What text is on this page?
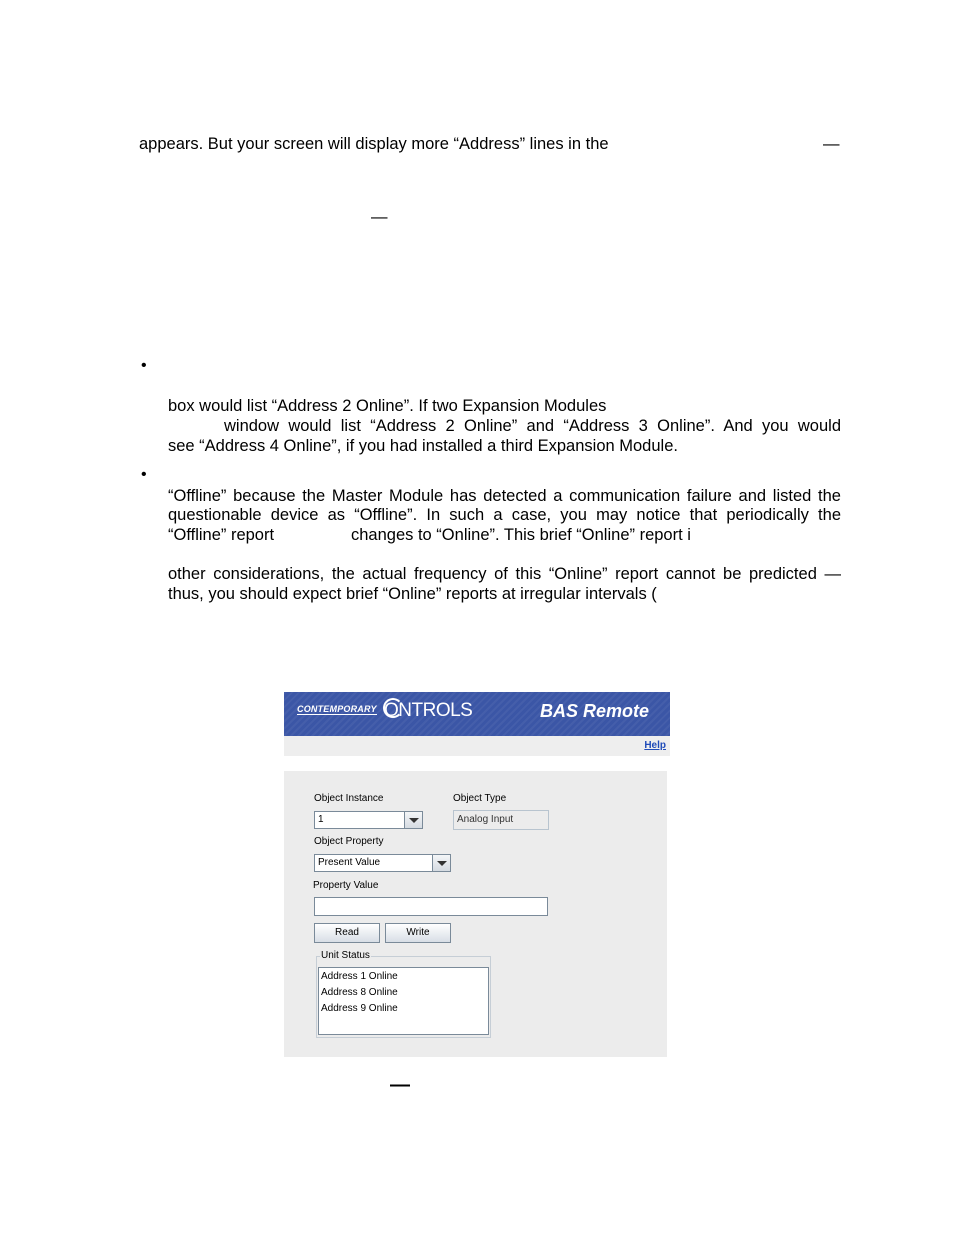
appears. But your screen will display more “Address” lines in the	—
—
•
box would list “Address 2 Online”. If two Expansion Modules
window would list “Address 2 Online” and “Address 3 Online”. And you would
see “Address 4 Online”, if you had installed a third Expansion Module.
•
“Offline” because the Master Module has detected a communication failure and listed the
questionable device as “Offline”. In such a case, you may notice that periodically the
“Offline” report	changes to “Online”. This brief “Online” report i
other considerations, the actual frequency of this “Online” report cannot be predicted —
thus, you should expect brief “Online” reports at irregular intervals (
CONTEMPORARY ONTROLS	BAS Remote
Help
Object Instance
1
Object Type
Analog Input
Object Property
Present Value
Property Value
Read	Write
Unit Status
Address 1 Online
Address 8 Online
Address 9 Online
—
